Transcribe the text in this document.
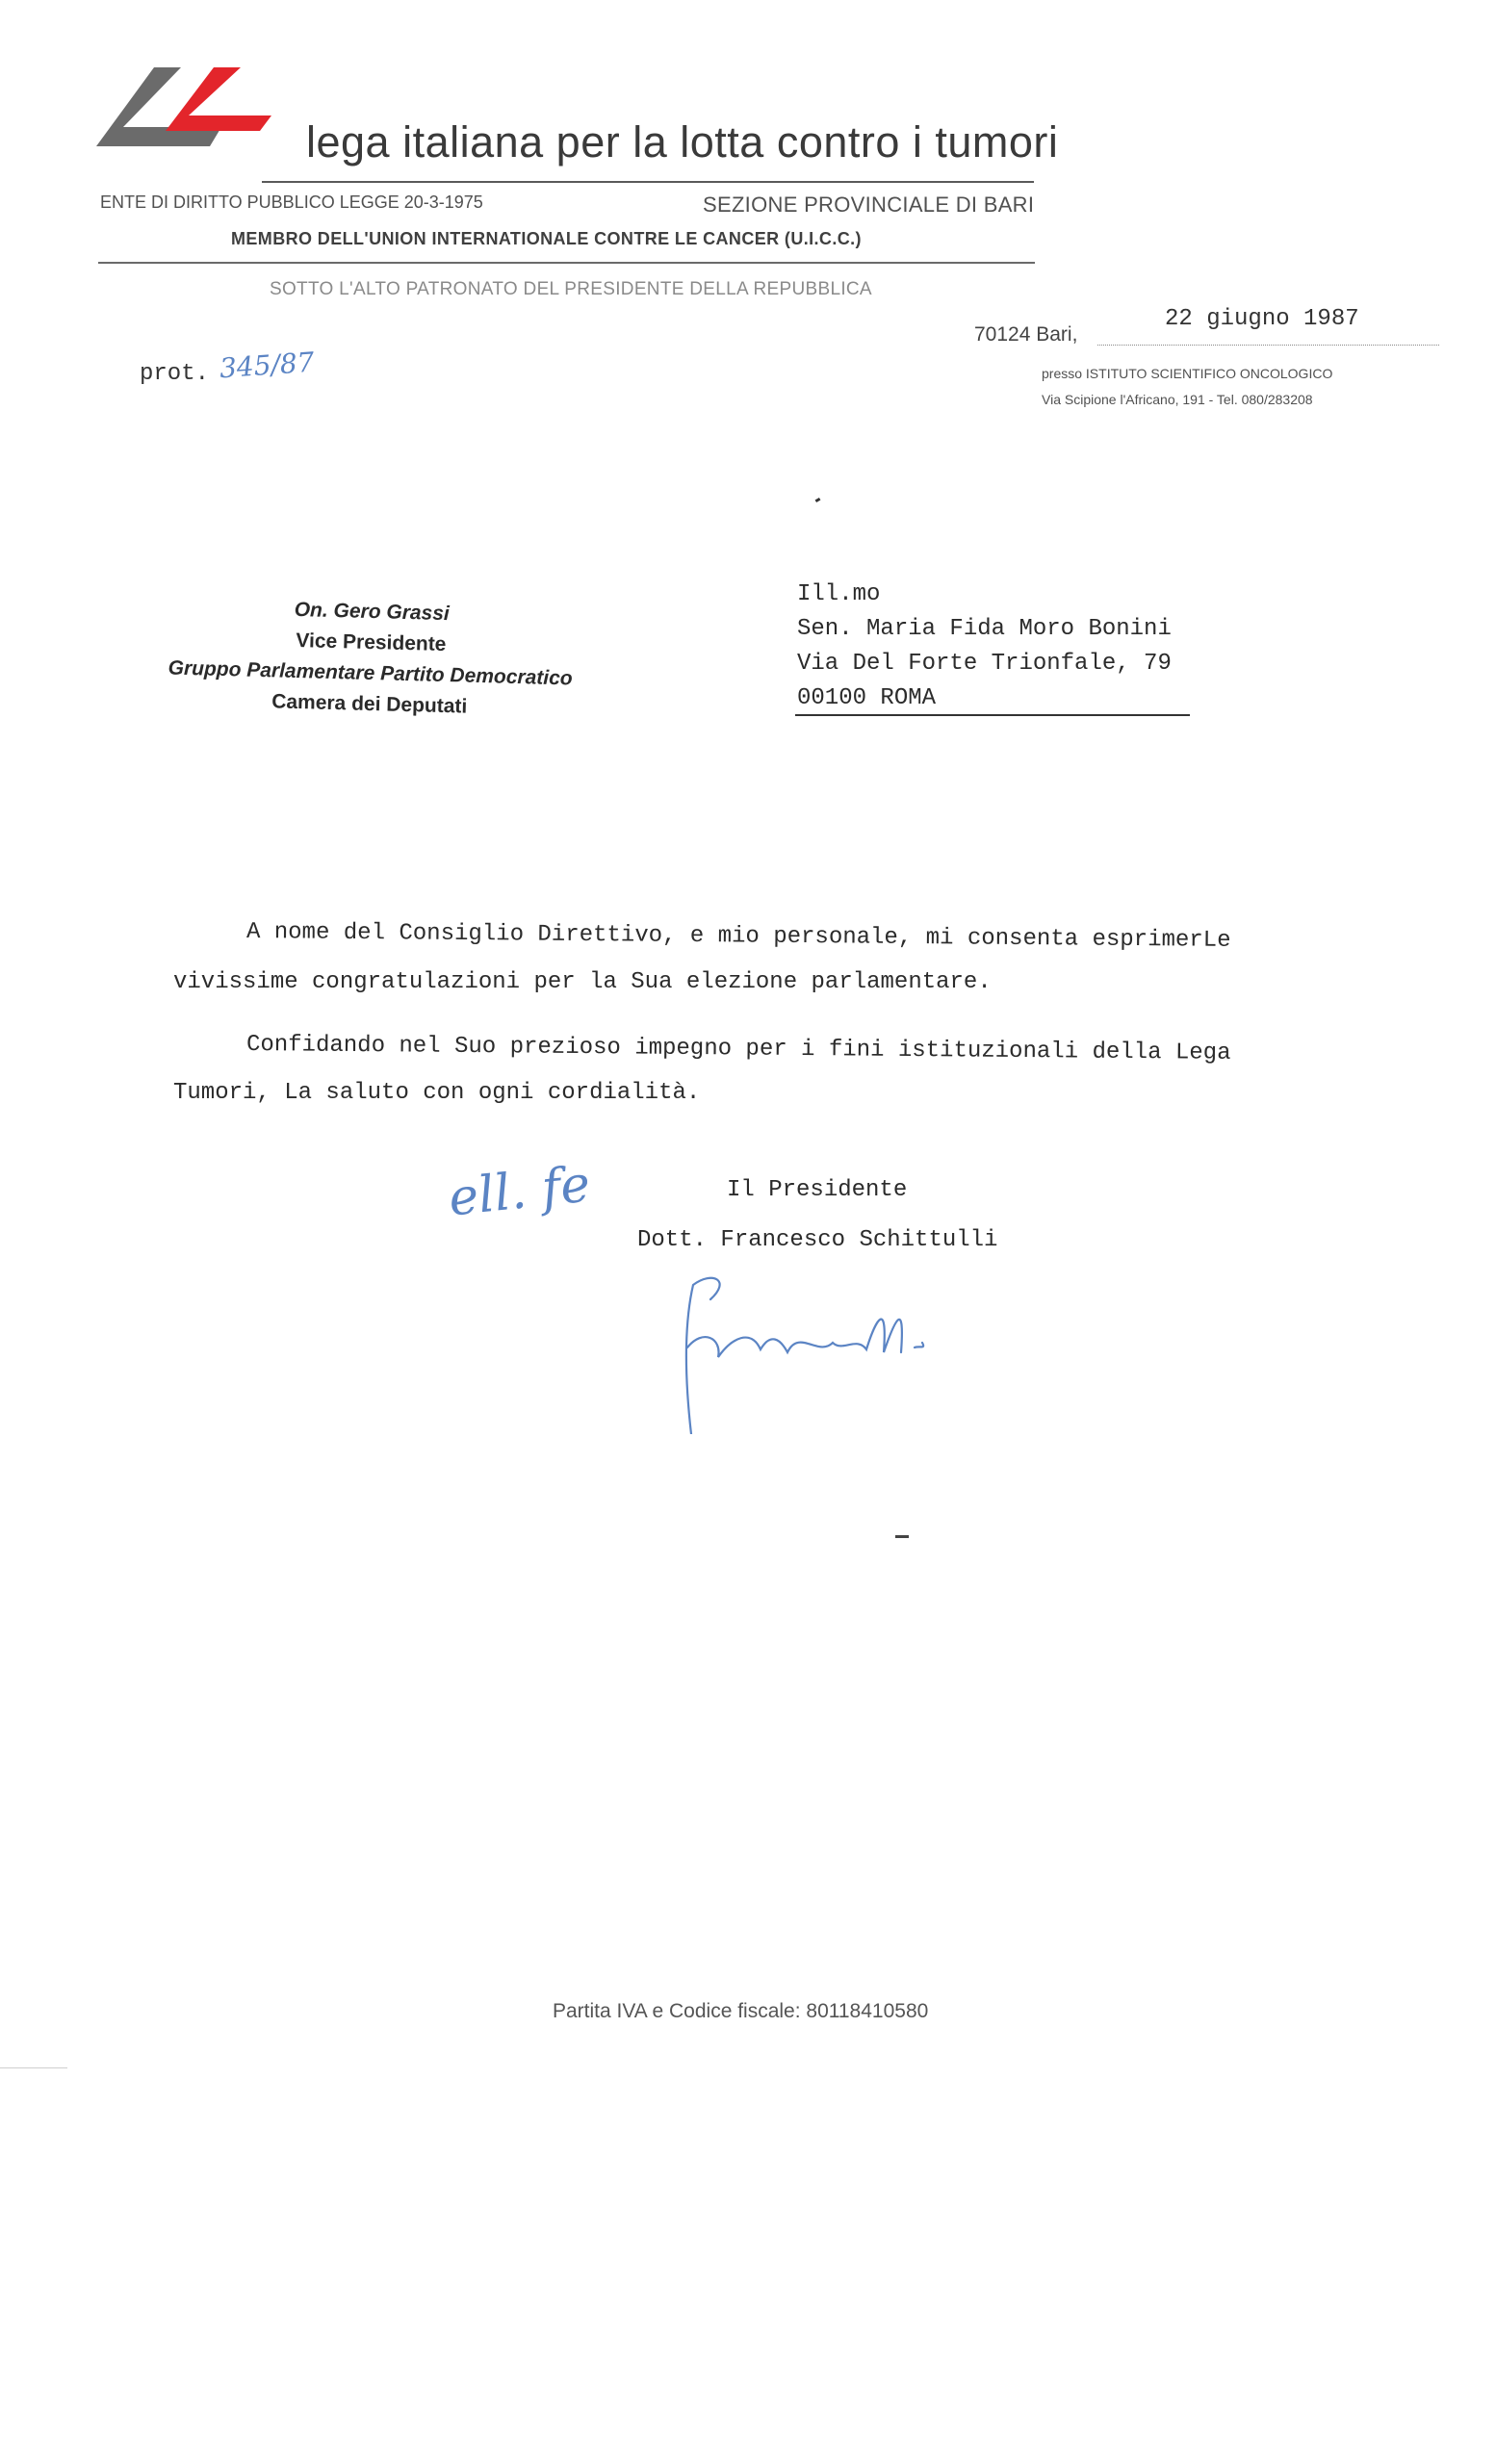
lega italiana per la lotta contro i tumori
ENTE DI DIRITTO PUBBLICO LEGGE 20-3-1975	SEZIONE PROVINCIALE DI BARI
MEMBRO DELL'UNION INTERNATIONALE CONTRE LE CANCER (U.I.C.C.)
SOTTO L'ALTO PATRONATO DEL PRESIDENTE DELLA REPUBBLICA
70124 Bari,
22 giugno 1987
presso ISTITUTO SCIENTIFICO ONCOLOGICO
Via Scipione l'Africano, 191 - Tel. 080/283208
prot. 345/87
On. Gero Grassi
Vice Presidente
Gruppo Parlamentare Partito Democratico
Camera dei Deputati
Ill.mo
Sen. Maria Fida Moro Bonini
Via Del Forte Trionfale, 79
00100 ROMA
A nome del Consiglio Direttivo, e mio personale, mi consenta esprimerLe
vivissime congratulazioni per la Sua elezione parlamentare.
Confidando nel Suo prezioso impegno per i fini istituzionali della Lega
Tumori, La saluto con ogni cordialità.
ell. fe	Il Presidente
Dott. Francesco Schittulli
Partita IVA e Codice fiscale: 80118410580
